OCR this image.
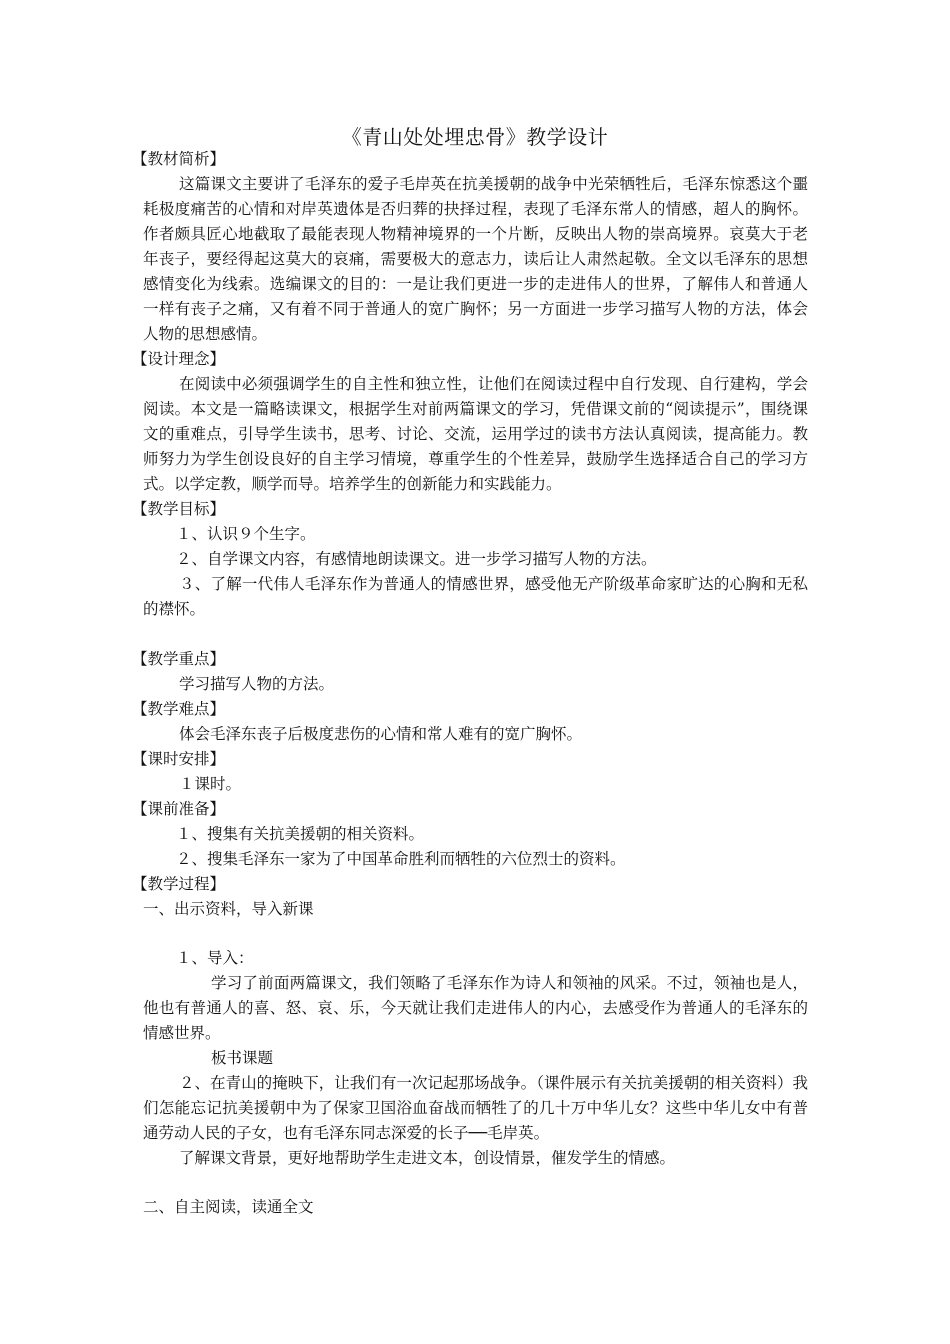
《青山处处埋忠骨》教学设计
【教材简析】
这篇课文主要讲了毛泽东的爱子毛岸英在抗美援朝的战争中光荣牺牲后，毛泽东惊悉这个噩耗极度痛苦的心情和对岸英遗体是否归葬的抉择过程，表现了毛泽东常人的情感，超人的胸怀。作者颇具匠心地截取了最能表现人物精神境界的一个片断，反映出人物的崇高境界。哀莫大于老年丧子，要经得起这莫大的哀痛，需要极大的意志力，读后让人肃然起敬。全文以毛泽东的思想感情变化为线索。选编课文的目的：一是让我们更进一步的走进伟人的世界，了解伟人和普通人一样有丧子之痛，又有着不同于普通人的宽广胸怀；另一方面进一步学习描写人物的方法，体会人物的思想感情。
【设计理念】
在阅读中必须强调学生的自主性和独立性，让他们在阅读过程中自行发现、自行建构，学会阅读。本文是一篇略读课文，根据学生对前两篇课文的学习，凭借课文前的“阅读提示”，围绕课文的重难点，引导学生读书，思考、讨论、交流，运用学过的读书方法认真阅读，提高能力。教师努力为学生创设良好的自主学习情境，尊重学生的个性差异，鼓励学生选择适合自己的学习方式。以学定教，顺学而导。培养学生的创新能力和实践能力。
【教学目标】
１、认识９个生字。
２、自学课文内容，有感情地朗读课文。进一步学习描写人物的方法。
３、了解一代伟人毛泽东作为普通人的情感世界，感受他无产阶级革命家旷达的心胸和无私的襟怀。
【教学重点】
学习描写人物的方法。
【教学难点】
体会毛泽东丧子后极度悲伤的心情和常人难有的宽广胸怀。
【课时安排】
１课时。
【课前准备】
１、搜集有关抗美援朝的相关资料。
２、搜集毛泽东一家为了中国革命胜利而牺牲的六位烈士的资料。
【教学过程】
一、出示资料，导入新课
１、导入：
学习了前面两篇课文，我们领略了毛泽东作为诗人和领袖的风采。不过，领袖也是人，他也有普通人的喜、怒、哀、乐，今天就让我们走进伟人的内心，去感受作为普通人的毛泽东的情感世界。
板书课题
２、在青山的掩映下，让我们有一次记起那场战争。（课件展示有关抗美援朝的相关资料）我们怎能忘记抗美援朝中为了保家卫国浴血奋战而牺牲了的几十万中华儿女？这些中华儿女中有普通劳动人民的子女，也有毛泽东同志深爱的长子──毛岸英。
了解课文背景，更好地帮助学生走进文本，创设情景，催发学生的情感。
二、自主阅读，读通全文
